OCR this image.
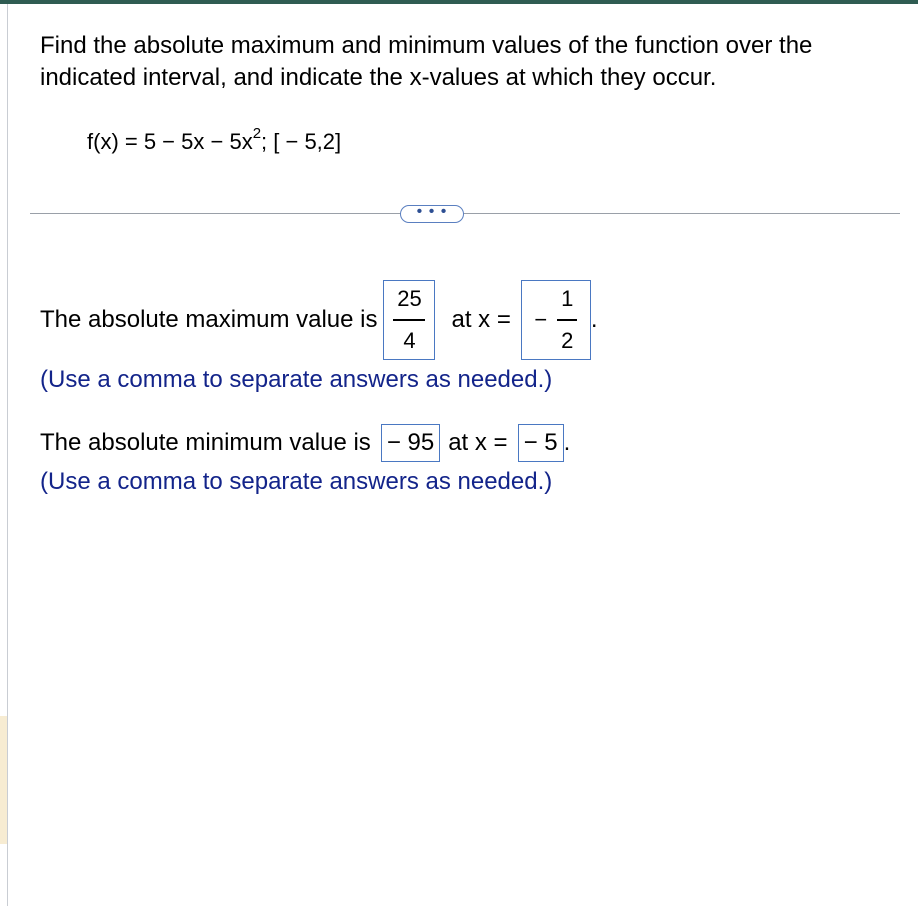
Find the absolute maximum and minimum values of the function over the indicated interval, and indicate the x-values at which they occur.
$f(x) = 5 - 5x - 5x^2$; [ − 5,2]
• • •
The absolute maximum value is $\frac{25}{4}$ at x = − $\frac{1}{2}$ .
(Use a comma to separate answers as needed.)
The absolute minimum value is − 95 at x = − 5 .
(Use a comma to separate answers as needed.)
